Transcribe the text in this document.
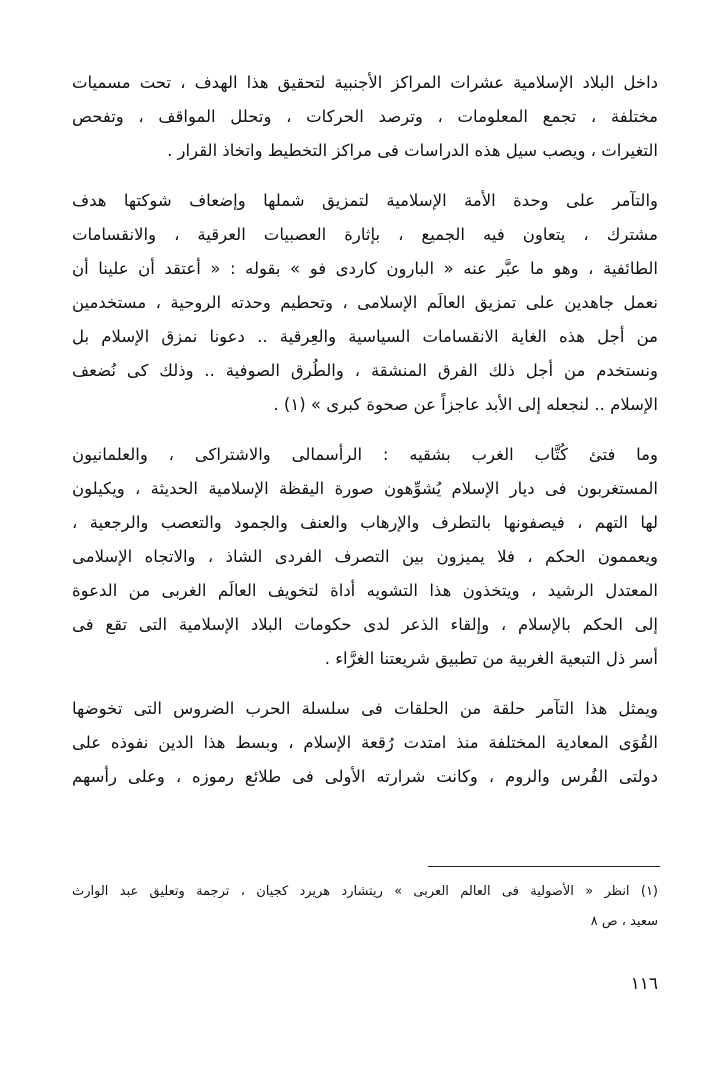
داخل البلاد الإسلامية عشرات المراكز الأجنبية لتحقيق هذا الهدف ، تحت مسميات
مختلفة ، تجمع المعلومات ، وترصد الحركات ، وتحلل المواقف ، وتفحص
التغيرات ، ويصب سيل هذه الدراسات فى مراكز التخطيط واتخاذ القرار .
والتآمر على وحدة الأمة الإسلامية لتمزيق شملها وإضعاف شوكتها هدف
مشترك ، يتعاون فيه الجميع ، بإثارة العصبيات العرقية ، والانقسامات
الطائفية ، وهو ما عبَّر عنه « البارون كاردى فو » بقوله : « أعتقد أن علينا أن
نعمل جاهدين على تمزيق العالَم الإسلامى ، وتحطيم وحدته الروحية ، مستخدمين
من أجل هذه الغاية الانقسامات السياسية والعِرقية .. دعونا نمزق الإسلام بل
ونستخدم من أجل ذلك الفرق المنشقة ، والطُرق الصوفية .. وذلك كى نُضعف
الإسلام .. لنجعله إلى الأبد عاجزاً عن صحوة كبرى » (١) .
وما فتئ كُتَّاب الغرب بشقيه : الرأسمالى والاشتراكى ، والعلمانيون
المستغربون فى ديار الإسلام يُشوِّهون صورة اليقظة الإسلامية الحديثة ، ويكيلون
لها التهم ، فيصفونها بالتطرف والإرهاب والعنف والجمود والتعصب والرجعية ،
ويعممون الحكم ، فلا يميزون بين التصرف الفردى الشاذ ، والاتجاه الإسلامى
المعتدل الرشيد ، ويتخذون هذا التشويه أداة لتخويف العالَم الغربى من الدعوة
إلى الحكم بالإسلام ، وإلقاء الذعر لدى حكومات البلاد الإسلامية التى تقع فى
أسر ذل التبعية الغربية من تطبيق شريعتنا الغرَّاء .
ويمثل هذا التآمر حلقة من الحلقات فى سلسلة الحرب الضروس التى تخوضها
القُوَى المعادية المختلفة منذ امتدت رُقعة الإسلام ، وبسط هذا الدين نفوذه على
دولتى الفُرس والروم ، وكانت شرارته الأولى فى طلائع رموزه ، وعلى رأسهم
(١) انظر « الأصولية فى العالم العربى » ريتشارد هريرد كجيان ، ترجمة وتعليق عبد الوارث
سعيد ، ص ٨
١١٦
